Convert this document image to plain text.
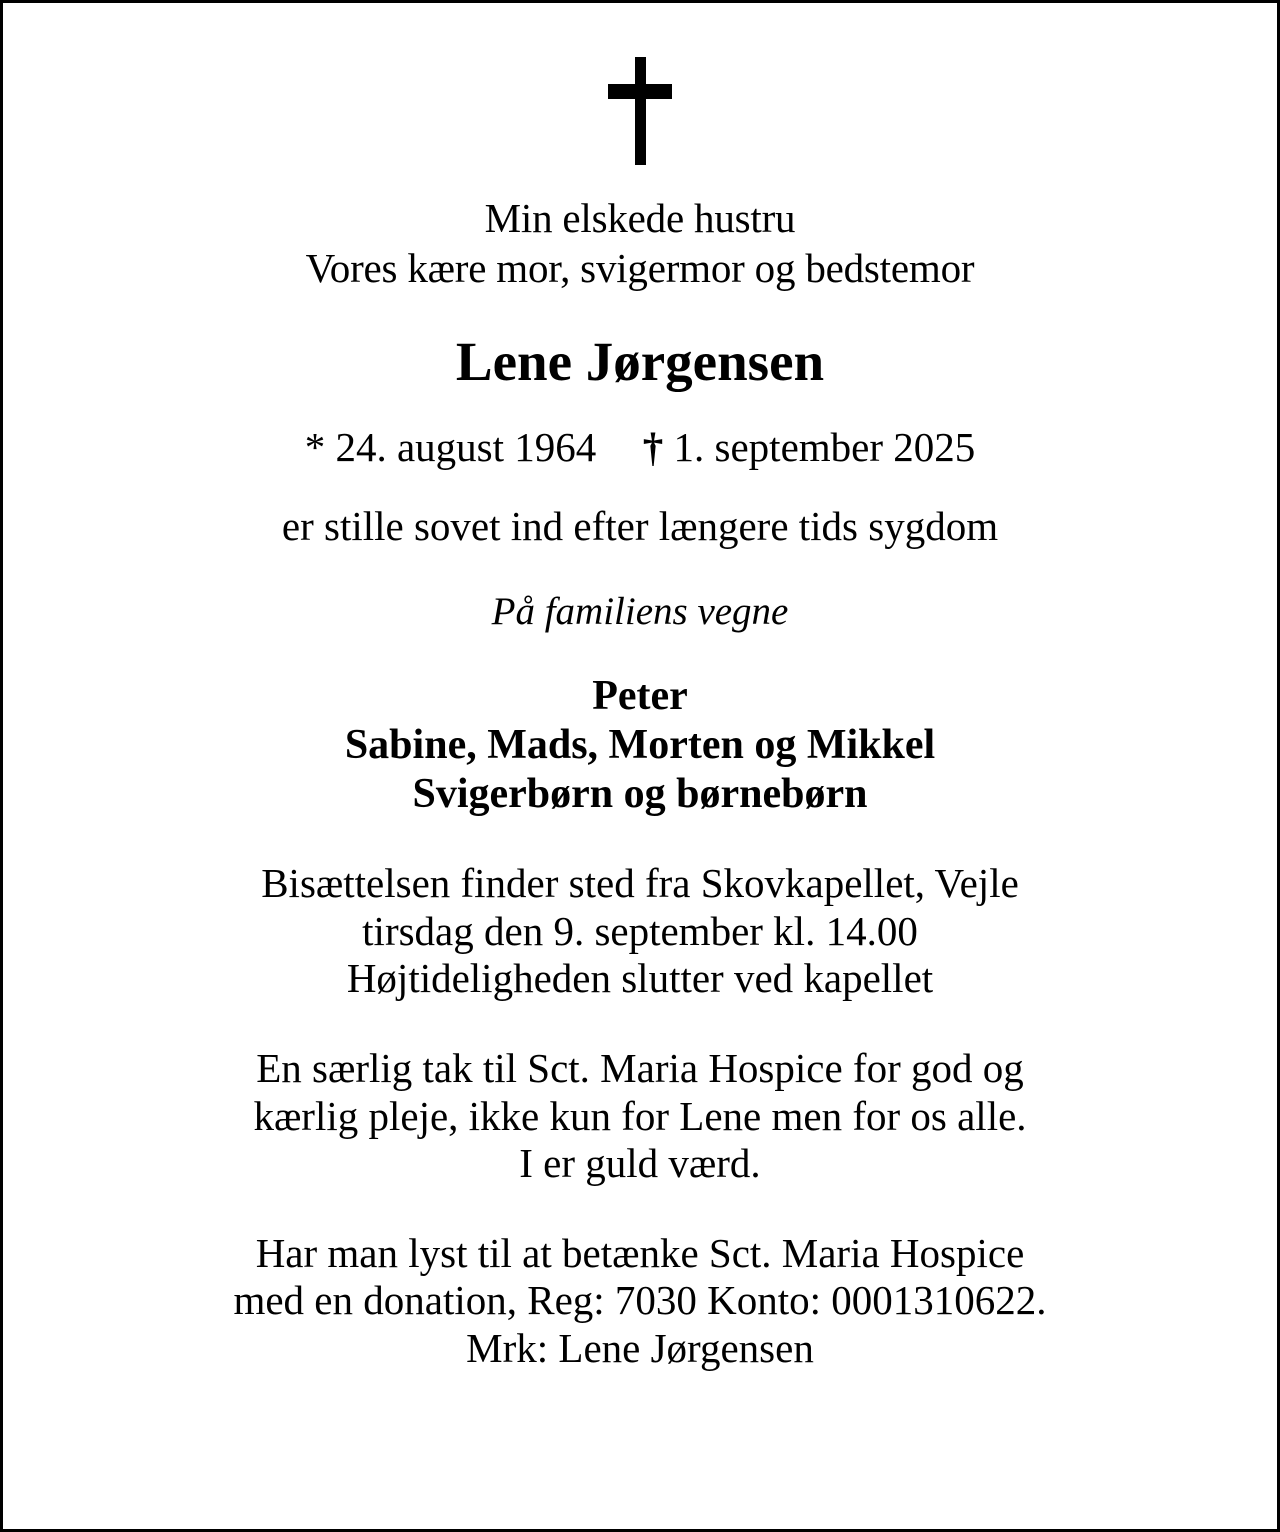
Min elskede hustru
Vores kære mor, svigermor og bedstemor
Lene Jørgensen
* 24. august 1964 † 1. september 2025
er stille sovet ind efter længere tids sygdom
På familiens vegne
Peter
Sabine, Mads, Morten og Mikkel
Svigerbørn og børnebørn
Bisættelsen finder sted fra Skovkapellet, Vejle
tirsdag den 9. september kl. 14.00
Højtideligheden slutter ved kapellet
En særlig tak til Sct. Maria Hospice for god og
kærlig pleje, ikke kun for Lene men for os alle.
I er guld værd.
Har man lyst til at betænke Sct. Maria Hospice
med en donation, Reg: 7030 Konto: 0001310622.
Mrk: Lene Jørgensen
